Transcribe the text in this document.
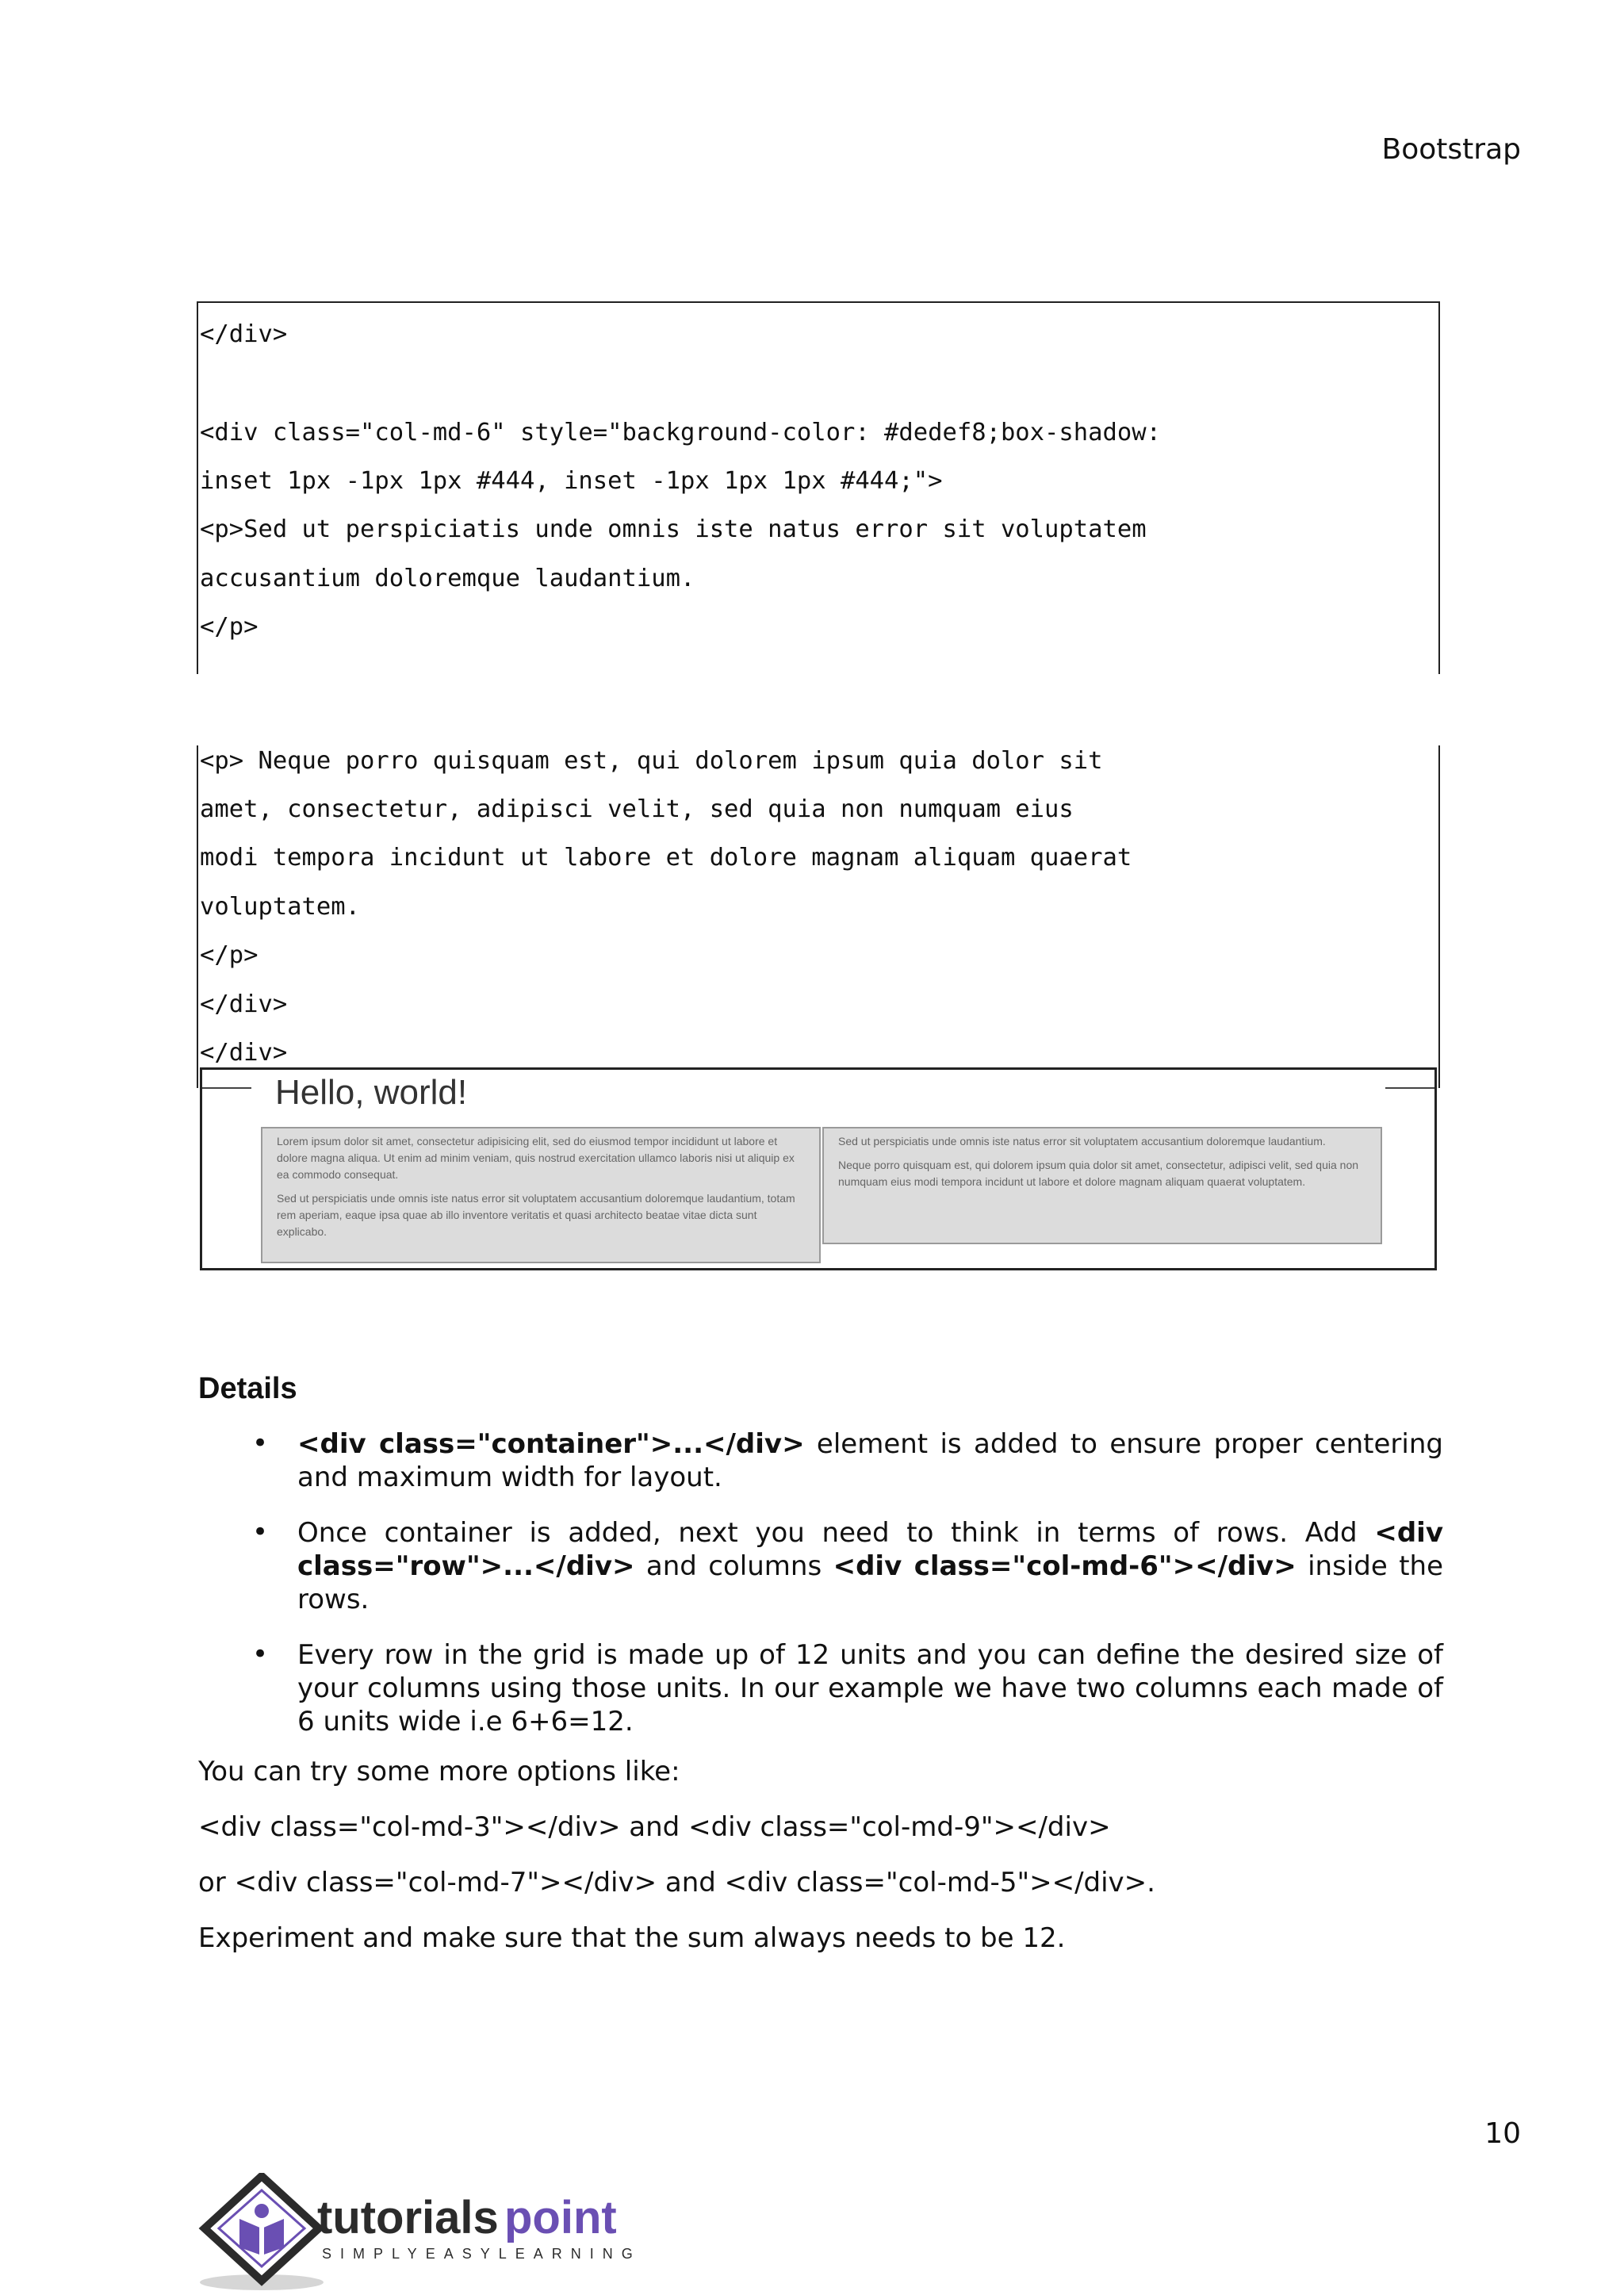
Bootstrap
</div>
<div class="col-md-6" style="background-color: #dedef8;box-shadow:
inset 1px -1px 1px #444, inset -1px 1px 1px #444;">
<p>Sed ut perspiciatis unde omnis iste natus error sit voluptatem
accusantium doloremque laudantium.
</p>
<p> Neque porro quisquam est, qui dolorem ipsum quia dolor sit
amet, consectetur, adipisci velit, sed quia non numquam eius
modi tempora incidunt ut labore et dolore magnam aliquam quaerat
voluptatem.
</p>
</div>
</div>
Hello, world!

Lorem ipsum dolor sit amet, consectetur adipisicing elit, sed do eiusmod tempor incididunt ut labore et dolore magna aliqua. Ut enim ad minim veniam, quis nostrud exercitation ullamco laboris nisi ut aliquip ex ea commodo consequat.

Sed ut perspiciatis unde omnis iste natus error sit voluptatem accusantium doloremque laudantium, totam rem aperiam, eaque ipsa quae ab illo inventore veritatis et quasi architecto beatae vitae dicta sunt explicabo.

Sed ut perspiciatis unde omnis iste natus error sit voluptatem accusantium doloremque laudantium.

Neque porro quisquam est, qui dolorem ipsum quia dolor sit amet, consectetur, adipisci velit, sed quia non numquam eius modi tempora incidunt ut labore et dolore magnam aliquam quaerat voluptatem.

Details
• <div class="container">...</div> element is added to ensure proper centering and maximum width for layout.
• Once container is added, next you need to think in terms of rows. Add <div class="row">...</div> and columns <div class="col-md-6"></div> inside the rows.
• Every row in the grid is made up of 12 units and you can define the desired size of your columns using those units. In our example we have two columns each made of 6 units wide i.e 6+6=12.
You can try some more options like:
<div class="col-md-3"></div> and <div class="col-md-9"></div>
or <div class="col-md-7"></div> and <div class="col-md-5"></div>.
Experiment and make sure that the sum always needs to be 12.
10
tutorials point
SIMPLYEASYLEARNING
